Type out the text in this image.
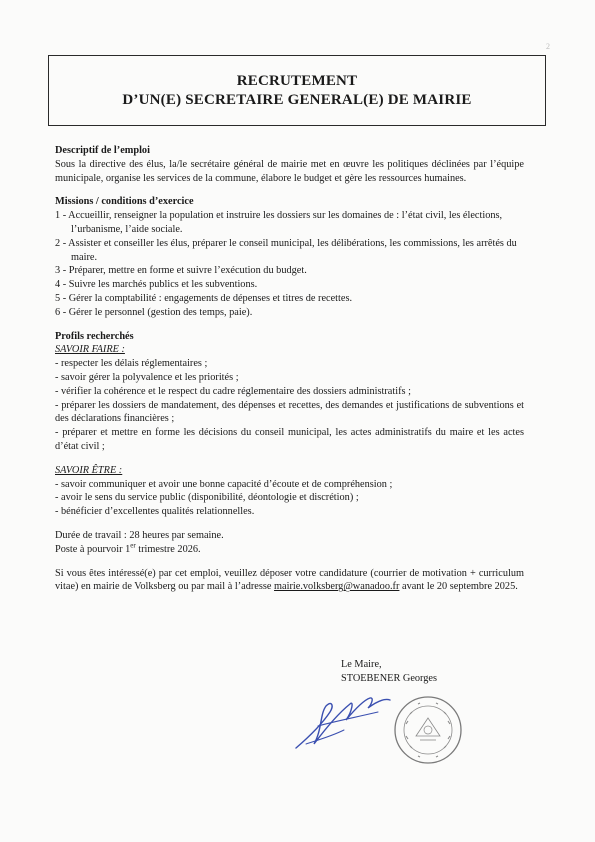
2
RECRUTEMENT
D’UN(E) SECRETAIRE GENERAL(E) DE MAIRIE

Descriptif de l’emploi

Sous la directive des élus, la/le secrétaire général de mairie met en œuvre les politiques déclinées par l’équipe municipale, organise les services de la commune, élabore le budget et gère les ressources humaines.

Missions / conditions d’exercice

1 - Accueillir, renseigner la population et instruire les dossiers sur les domaines de : l’état civil, les élections, l’urbanisme, l’aide sociale.

2 - Assister et conseiller les élus, préparer le conseil municipal, les délibérations, les commissions, les arrêtés du maire.

3 - Préparer, mettre en forme et suivre l’exécution du budget.

4 - Suivre les marchés publics et les subventions.

5 - Gérer la comptabilité : engagements de dépenses et titres de recettes.

6 - Gérer le personnel (gestion des temps, paie).

Profils recherchés

SAVOIR FAIRE :

- respecter les délais réglementaires ;

- savoir gérer la polyvalence et les priorités ;

- vérifier la cohérence et le respect du cadre réglementaire des dossiers administratifs ;

- préparer les dossiers de mandatement, des dépenses et recettes, des demandes et justifications de subventions et des déclarations financières ;

- préparer et mettre en forme les décisions du conseil municipal, les actes administratifs du maire et les actes d’état civil ;

SAVOIR ÊTRE :

- savoir communiquer et avoir une bonne capacité d’écoute et de compréhension ;

- avoir le sens du service public (disponibilité, déontologie et discrétion) ;

- bénéficier d’excellentes qualités relationnelles.

Durée de travail : 28 heures par semaine.

Poste à pourvoir 1er trimestre 2026.

Si vous êtes intéressé(e) par cet emploi, veuillez déposer votre candidature (courrier de motivation + curriculum vitae) en mairie de Volksberg ou par mail à l’adresse mairie.volksberg@wanadoo.fr avant le 20 septembre 2025.

Le Maire,
STOEBENER Georges
